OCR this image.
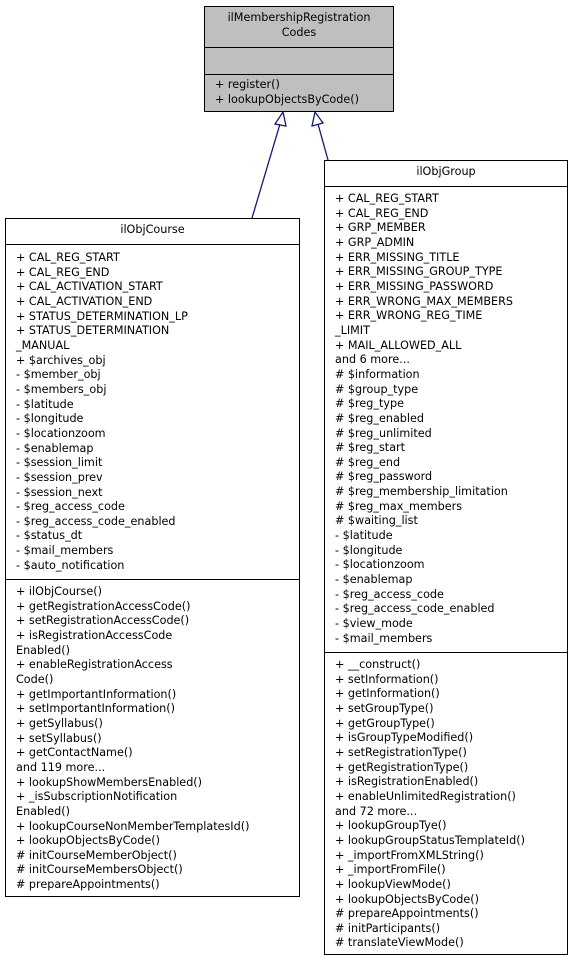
ilMembershipRegistration
Codes
+ register()
+ lookupObjectsByCode()
ilObjCourse
+ CAL_REG_START
+ CAL_REG_END
+ CAL_ACTIVATION_START
+ CAL_ACTIVATION_END
+ STATUS_DETERMINATION_LP
+ STATUS_DETERMINATION
_MANUAL
+ $archives_obj
- $member_obj
- $members_obj
- $latitude
- $longitude
- $locationzoom
- $enablemap
- $session_limit
- $session_prev
- $session_next
- $reg_access_code
- $reg_access_code_enabled
- $status_dt
- $mail_members
- $auto_notification
+ ilObjCourse()
+ getRegistrationAccessCode()
+ setRegistrationAccessCode()
+ isRegistrationAccessCode
Enabled()
+ enableRegistrationAccess
Code()
+ getImportantInformation()
+ setImportantInformation()
+ getSyllabus()
+ setSyllabus()
+ getContactName()
and 119 more...
+ lookupShowMembersEnabled()
+ _isSubscriptionNotification
Enabled()
+ lookupCourseNonMemberTemplatesId()
+ lookupObjectsByCode()
# initCourseMemberObject()
# initCourseMembersObject()
# prepareAppointments()
ilObjGroup
+ CAL_REG_START
+ CAL_REG_END
+ GRP_MEMBER
+ GRP_ADMIN
+ ERR_MISSING_TITLE
+ ERR_MISSING_GROUP_TYPE
+ ERR_MISSING_PASSWORD
+ ERR_WRONG_MAX_MEMBERS
+ ERR_WRONG_REG_TIME
_LIMIT
+ MAIL_ALLOWED_ALL
and 6 more...
# $information
# $group_type
# $reg_type
# $reg_enabled
# $reg_unlimited
# $reg_start
# $reg_end
# $reg_password
# $reg_membership_limitation
# $reg_max_members
# $waiting_list
- $latitude
- $longitude
- $locationzoom
- $enablemap
- $reg_access_code
- $reg_access_code_enabled
- $view_mode
- $mail_members
+ __construct()
+ setInformation()
+ getInformation()
+ setGroupType()
+ getGroupType()
+ isGroupTypeModified()
+ setRegistrationType()
+ getRegistrationType()
+ isRegistrationEnabled()
+ enableUnlimitedRegistration()
and 72 more...
+ lookupGroupTye()
+ lookupGroupStatusTemplateId()
+ _importFromXMLString()
+ _importFromFile()
+ lookupViewMode()
+ lookupObjectsByCode()
# prepareAppointments()
# initParticipants()
# translateViewMode()
